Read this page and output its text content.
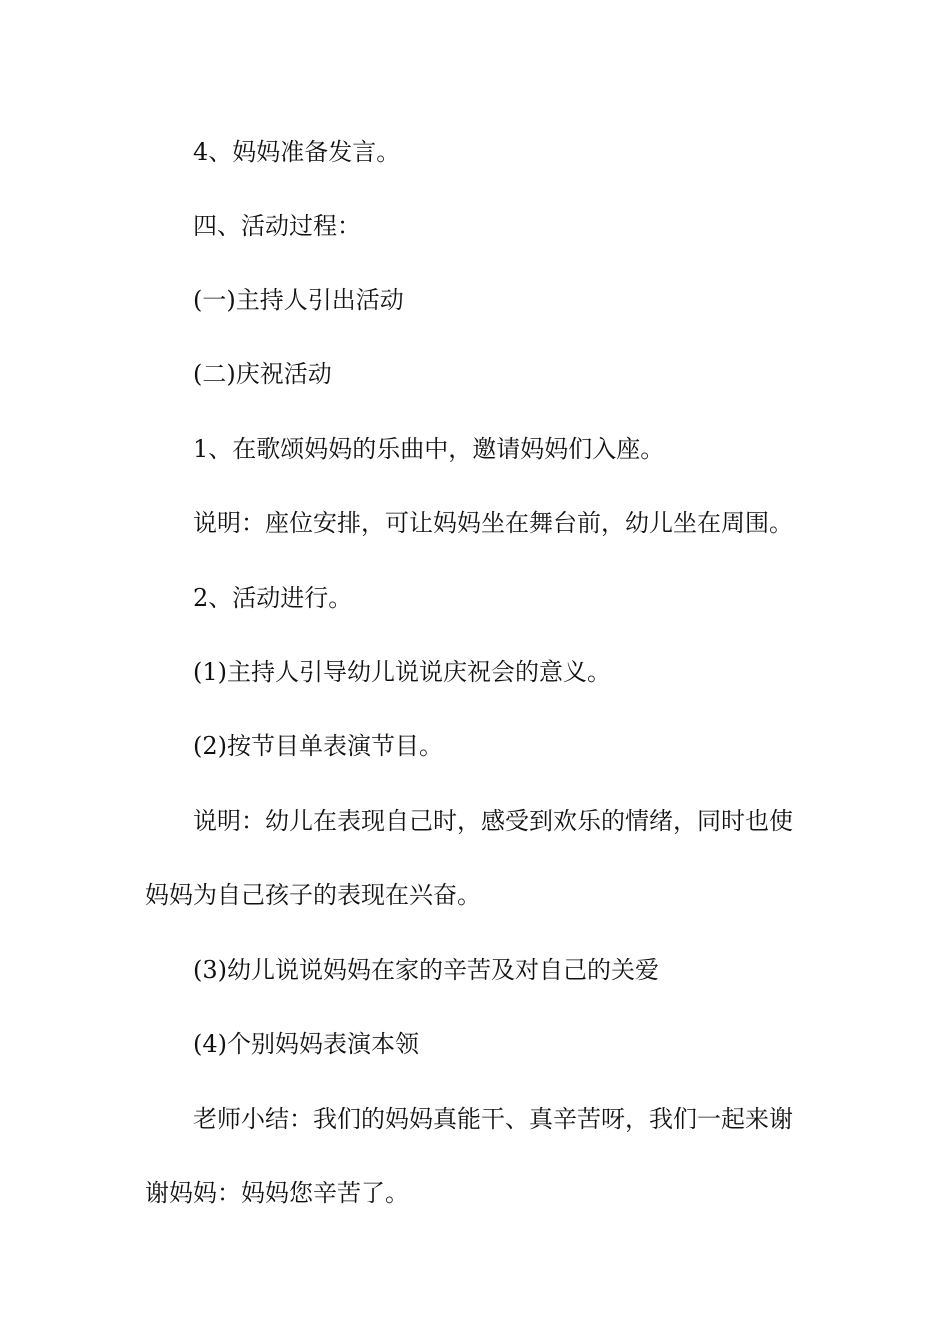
4、妈妈准备发言。
四、活动过程：
(一)主持人引出活动
(二)庆祝活动
1、在歌颂妈妈的乐曲中，邀请妈妈们入座。
说明：座位安排，可让妈妈坐在舞台前，幼儿坐在周围。
2、活动进行。
(1)主持人引导幼儿说说庆祝会的意义。
(2)按节目单表演节目。
说明：幼儿在表现自己时，感受到欢乐的情绪，同时也使
妈妈为自己孩子的表现在兴奋。
(3)幼儿说说妈妈在家的辛苦及对自己的关爱
(4)个别妈妈表演本领
老师小结：我们的妈妈真能干、真辛苦呀，我们一起来谢
谢妈妈：妈妈您辛苦了。
